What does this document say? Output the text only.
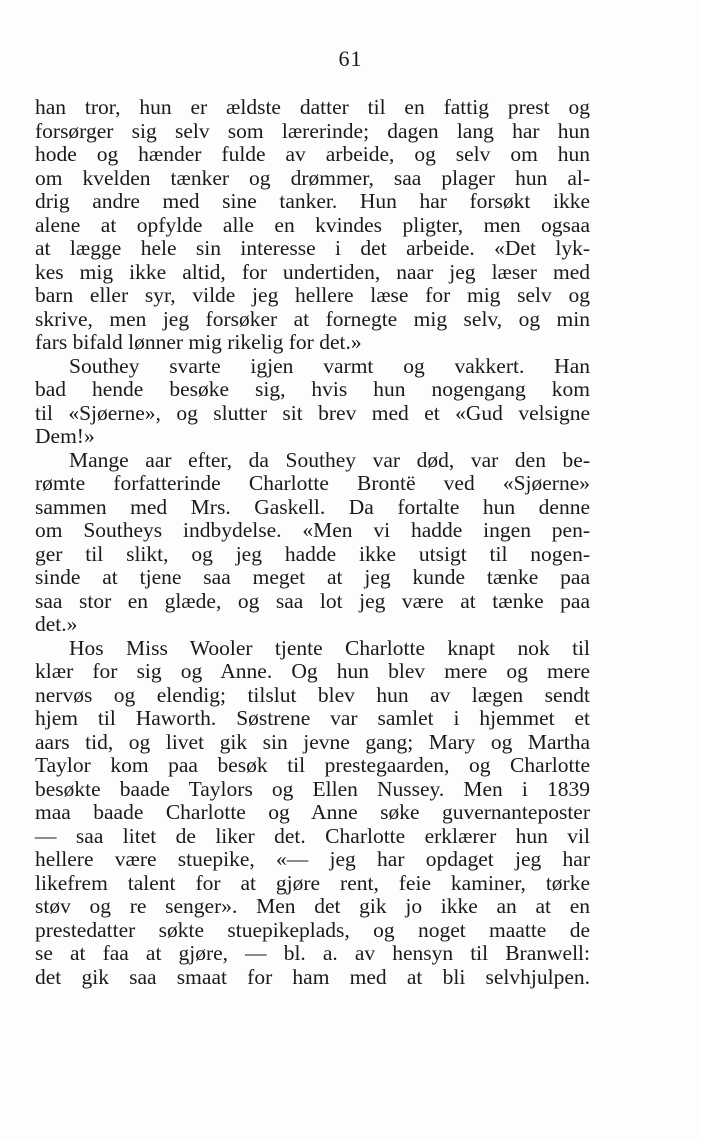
61
han tror, hun er ældste datter til en fattig prest og
forsørger sig selv som lærerinde; dagen lang har hun
hode og hænder fulde av arbeide, og selv om hun
om kvelden tænker og drømmer, saa plager hun al-
drig andre med sine tanker. Hun har forsøkt ikke
alene at opfylde alle en kvindes pligter, men ogsaa
at lægge hele sin interesse i det arbeide. «Det lyk-
kes mig ikke altid, for undertiden, naar jeg læser med
barn eller syr, vilde jeg hellere læse for mig selv og
skrive, men jeg forsøker at fornegte mig selv, og min
fars bifald lønner mig rikelig for det.»
Southey svarte igjen varmt og vakkert. Han
bad hende besøke sig, hvis hun nogengang kom
til «Sjøerne», og slutter sit brev med et «Gud velsigne
Dem!»
Mange aar efter, da Southey var død, var den be-
rømte forfatterinde Charlotte Brontë ved «Sjøerne»
sammen med Mrs. Gaskell. Da fortalte hun denne
om Southeys indbydelse. «Men vi hadde ingen pen-
ger til slikt, og jeg hadde ikke utsigt til nogen-
sinde at tjene saa meget at jeg kunde tænke paa
saa stor en glæde, og saa lot jeg være at tænke paa
det.»
Hos Miss Wooler tjente Charlotte knapt nok til
klær for sig og Anne. Og hun blev mere og mere
nervøs og elendig; tilslut blev hun av lægen sendt
hjem til Haworth. Søstrene var samlet i hjemmet et
aars tid, og livet gik sin jevne gang; Mary og Martha
Taylor kom paa besøk til prestegaarden, og Charlotte
besøkte baade Taylors og Ellen Nussey. Men i 1839
maa baade Charlotte og Anne søke guvernanteposter
— saa litet de liker det. Charlotte erklærer hun vil
hellere være stuepike, «— jeg har opdaget jeg har
likefrem talent for at gjøre rent, feie kaminer, tørke
støv og re senger». Men det gik jo ikke an at en
prestedatter søkte stuepikeplads, og noget maatte de
se at faa at gjøre, — bl. a. av hensyn til Branwell:
det gik saa smaat for ham med at bli selvhjulpen.
